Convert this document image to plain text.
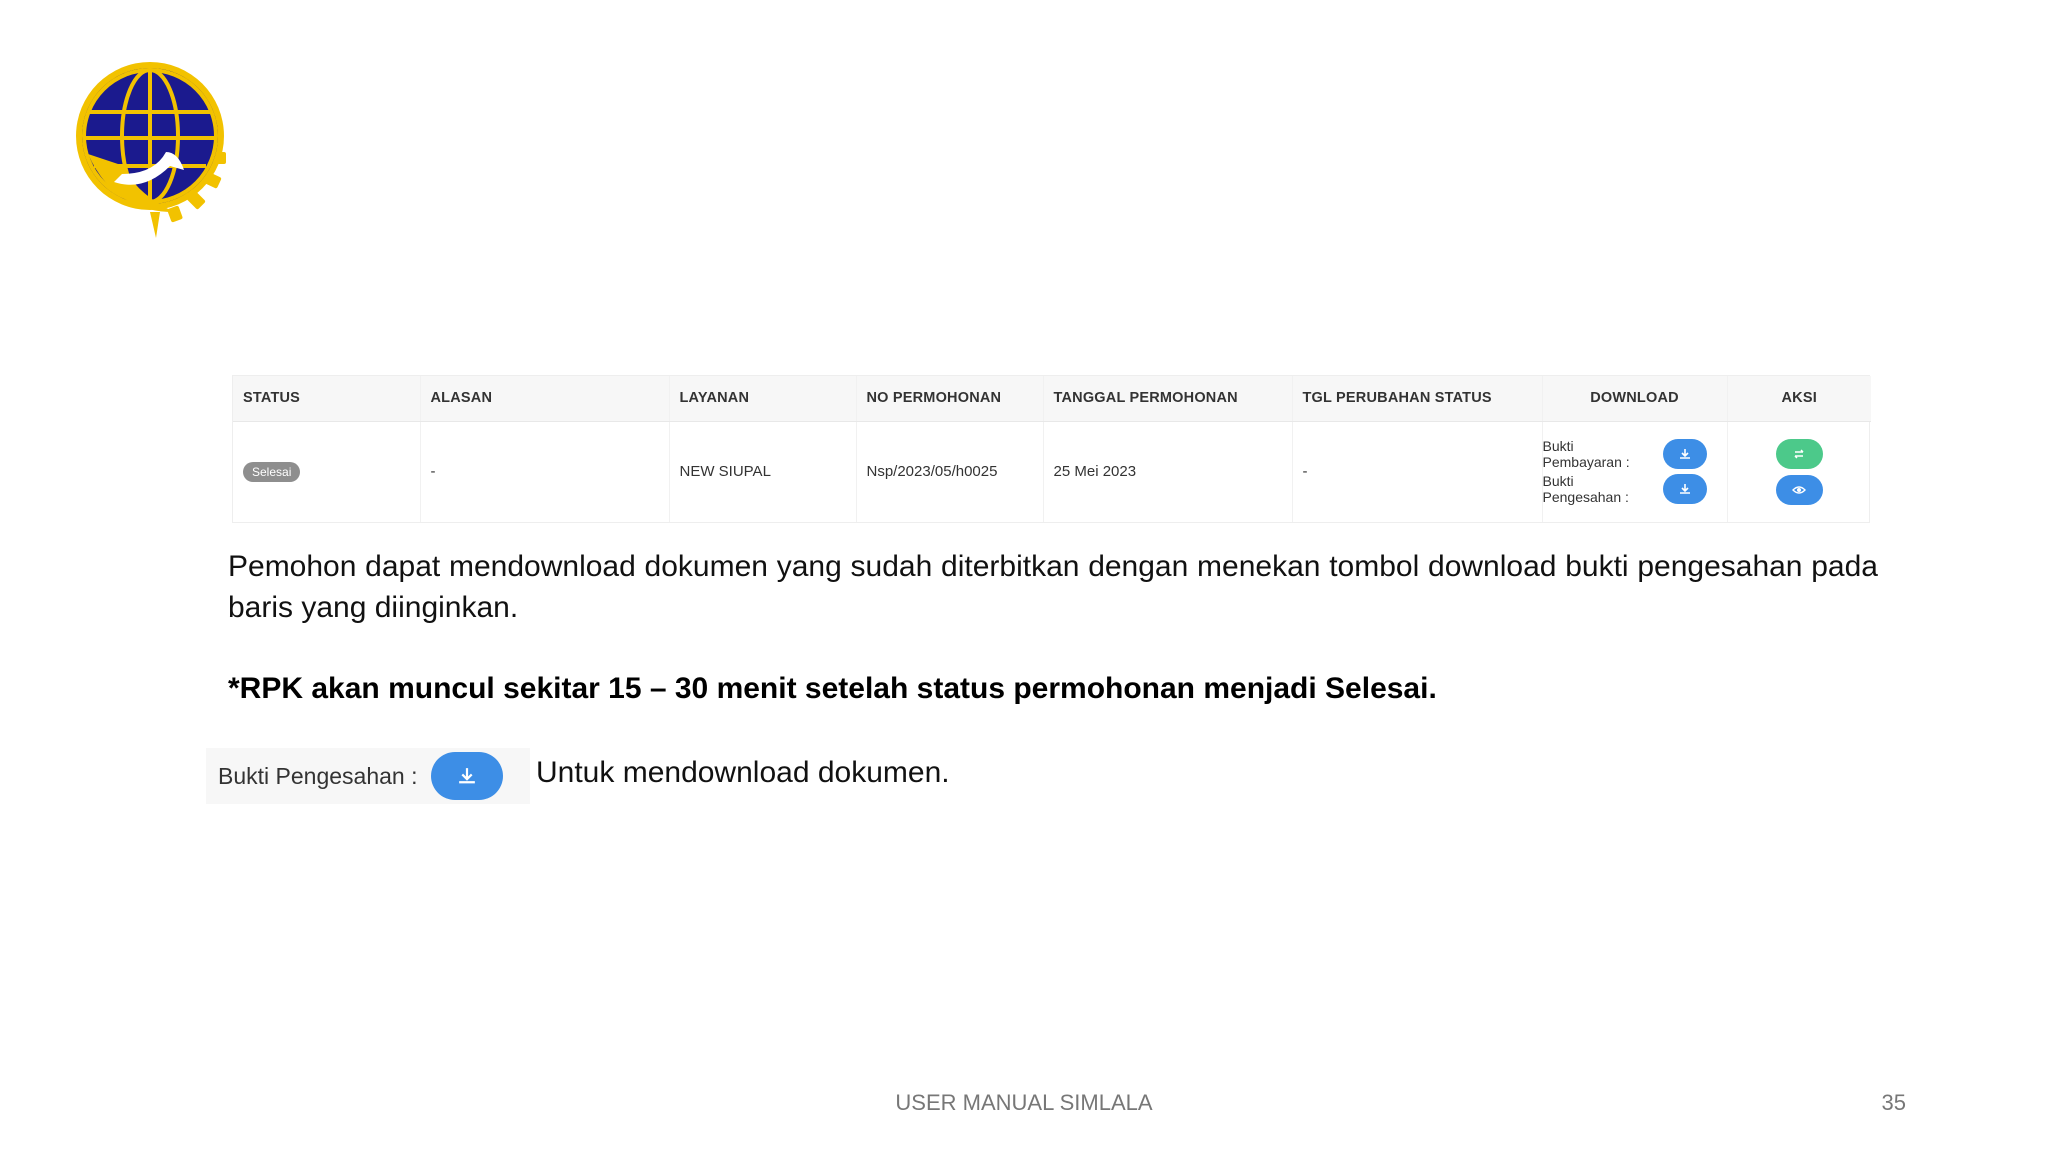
STATUS	ALASAN	LAYANAN	NO PERMOHONAN	TANGGAL PERMOHONAN	TGL PERUBAHAN STATUS	DOWNLOAD	AKSI
Selesai	-	NEW SIUPAL	Nsp/2023/05/h0025	25 Mei 2023	-	Bukti Pembayaran :
Bukti Pengesahan :

Pemohon dapat mendownload dokumen yang sudah diterbitkan dengan menekan tombol download bukti pengesahan pada baris yang diinginkan.

*RPK akan muncul sekitar 15 – 30 menit setelah status permohonan menjadi Selesai.

Bukti Pengesahan :	Untuk mendownload dokumen.

USER MANUAL SIMLALA	35
